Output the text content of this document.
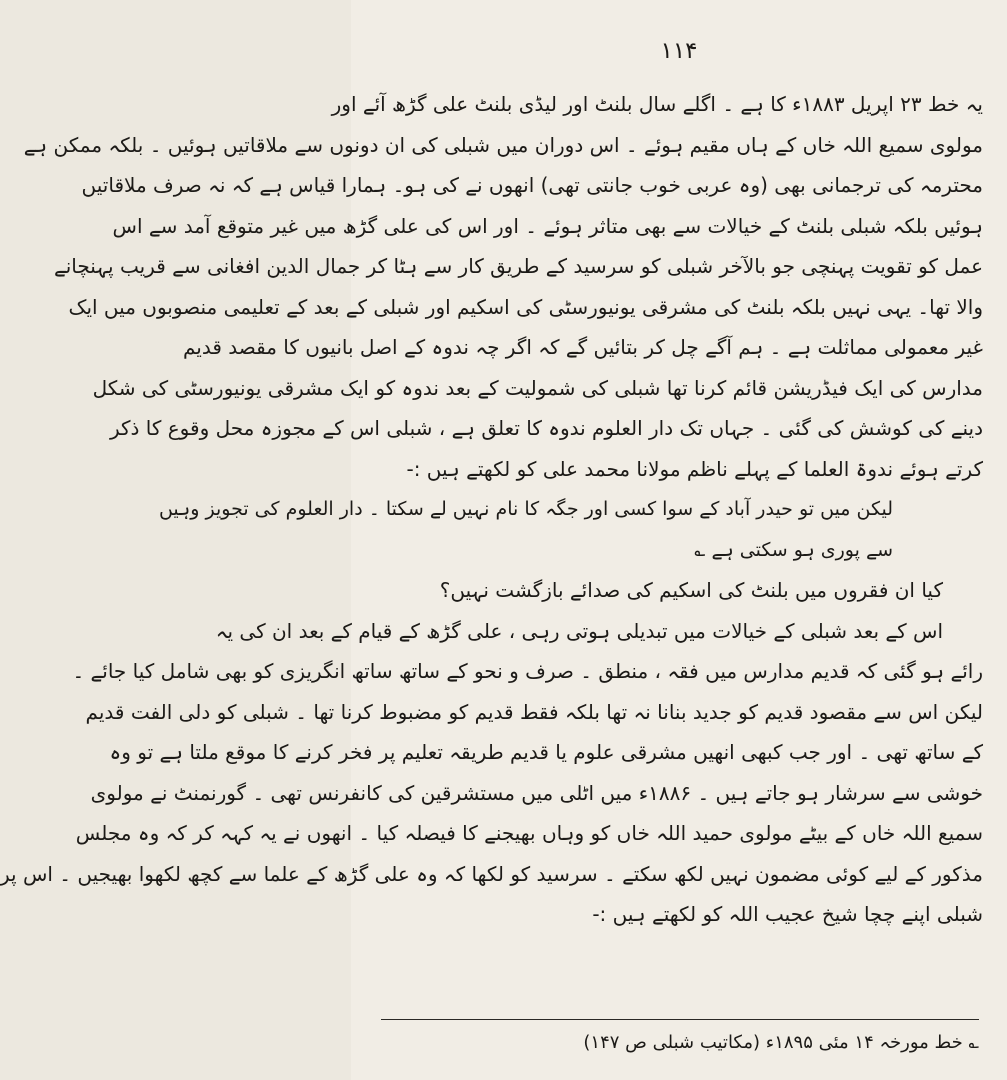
۱۱۴
یہ خط ۲۳ اپریل ۱۸۸۳ء کا ہے ۔ اگلے سال بلنٹ اور لیڈی بلنٹ علی گڑھ آئے اور
مولوی سمیع اللہ خاں کے ہاں مقیم ہوئے ۔ اس دوران میں شبلی کی ان دونوں سے ملاقاتیں ہوئیں ۔ بلکہ ممکن ہے
محترمہ کی ترجمانی بھی (وہ عربی خوب جانتی تھی) انھوں نے کی ہو۔ ہمارا قیاس ہے کہ نہ صرف ملاقاتیں
ہوئیں بلکہ شبلی بلنٹ کے خیالات سے بھی متاثر ہوئے ۔ اور اس کی علی گڑھ میں غیر متوقع آمد سے اس
عمل کو تقویت پہنچی جو بالآخر شبلی کو سرسید کے طریق کار سے ہٹا کر جمال الدین افغانی سے قریب پہنچانے
والا تھا۔ یہی نہیں بلکہ بلنٹ کی مشرقی یونیورسٹی کی اسکیم اور شبلی کے بعد کے تعلیمی منصوبوں میں ایک
غیر معمولی مماثلت ہے ۔ ہم آگے چل کر بتائیں گے کہ اگر چہ ندوہ کے اصل بانیوں کا مقصد قدیم
مدارس کی ایک فیڈریشن قائم کرنا تھا شبلی کی شمولیت کے بعد ندوہ کو ایک مشرقی یونیورسٹی کی شکل
دینے کی کوشش کی گئی ۔ جہاں تک دار العلوم ندوہ کا تعلق ہے ، شبلی اس کے مجوزہ محل وقوع کا ذکر
کرتے ہوئے ندوۃ العلما کے پہلے ناظم مولانا محمد علی کو لکھتے ہیں :-
لیکن میں تو حیدر آباد کے سوا کسی اور جگہ کا نام نہیں لے سکتا ۔ دار العلوم کی تجویز وہیں
سے پوری ہو سکتی ہے ؎
کیا ان فقروں میں بلنٹ کی اسکیم کی صدائے بازگشت نہیں؟
اس کے بعد شبلی کے خیالات میں تبدیلی ہوتی رہی ، علی گڑھ کے قیام کے بعد ان کی یہ
رائے ہو گئی کہ قدیم مدارس میں فقہ ، منطق ۔ صرف و نحو کے ساتھ ساتھ انگریزی کو بھی شامل کیا جائے ۔
لیکن اس سے مقصود قدیم کو جدید بنانا نہ تھا بلکہ فقط قدیم کو مضبوط کرنا تھا ۔ شبلی کو دلی الفت قدیم
کے ساتھ تھی ۔ اور جب کبھی انھیں مشرقی علوم یا قدیم طریقہ تعلیم پر فخر کرنے کا موقع ملتا ہے تو وہ
خوشی سے سرشار ہو جاتے ہیں ۔ ۱۸۸۶ء میں اٹلی میں مستشرقین کی کانفرنس تھی ۔ گورنمنٹ نے مولوی
سمیع اللہ خاں کے بیٹے مولوی حمید اللہ خاں کو وہاں بھیجنے کا فیصلہ کیا ۔ انھوں نے یہ کہہ کر کہ وہ مجلس
مذکور کے لیے کوئی مضمون نہیں لکھ سکتے ۔ سرسید کو لکھا کہ وہ علی گڑھ کے علما سے کچھ لکھوا بھیجیں ۔ اس پر
شبلی اپنے چچا شیخ عجیب اللہ کو لکھتے ہیں :-
؎ خط مورخہ ۱۴ مئی ۱۸۹۵ء (مکاتیب شبلی ص ۱۴۷)
